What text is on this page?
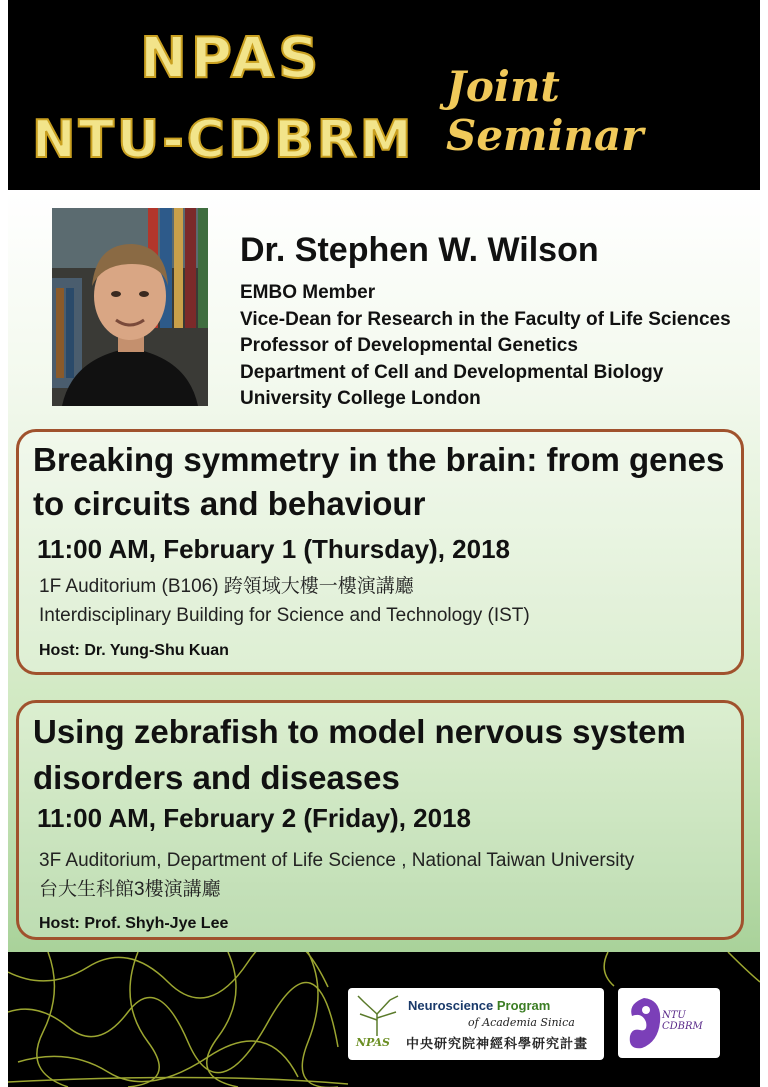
NPAS
NTU-CDBRM
Joint Seminar
Dr. Stephen W. Wilson
EMBO Member
Vice-Dean for Research in the Faculty of Life Sciences
Professor of Developmental Genetics
Department of Cell and Developmental Biology
University College London
Breaking symmetry in the brain: from genes to circuits and behaviour

11:00 AM, February 1 (Thursday), 2018

1F Auditorium (B106) 跨領域大樓一樓演講廳

Interdisciplinary Building for Science and Technology (IST)

Host: Dr. Yung-Shu Kuan

Using zebrafish to model nervous system disorders and diseases

11:00 AM, February 2 (Friday), 2018

3F Auditorium, Department of Life Science , National Taiwan University

台大生科館3樓演講廳

Host: Prof. Shyh-Jye Lee

Neuroscience Program
of Academia Sinica
NPAS 中央研究院神經科學研究計畫
NTU
CDBRM
